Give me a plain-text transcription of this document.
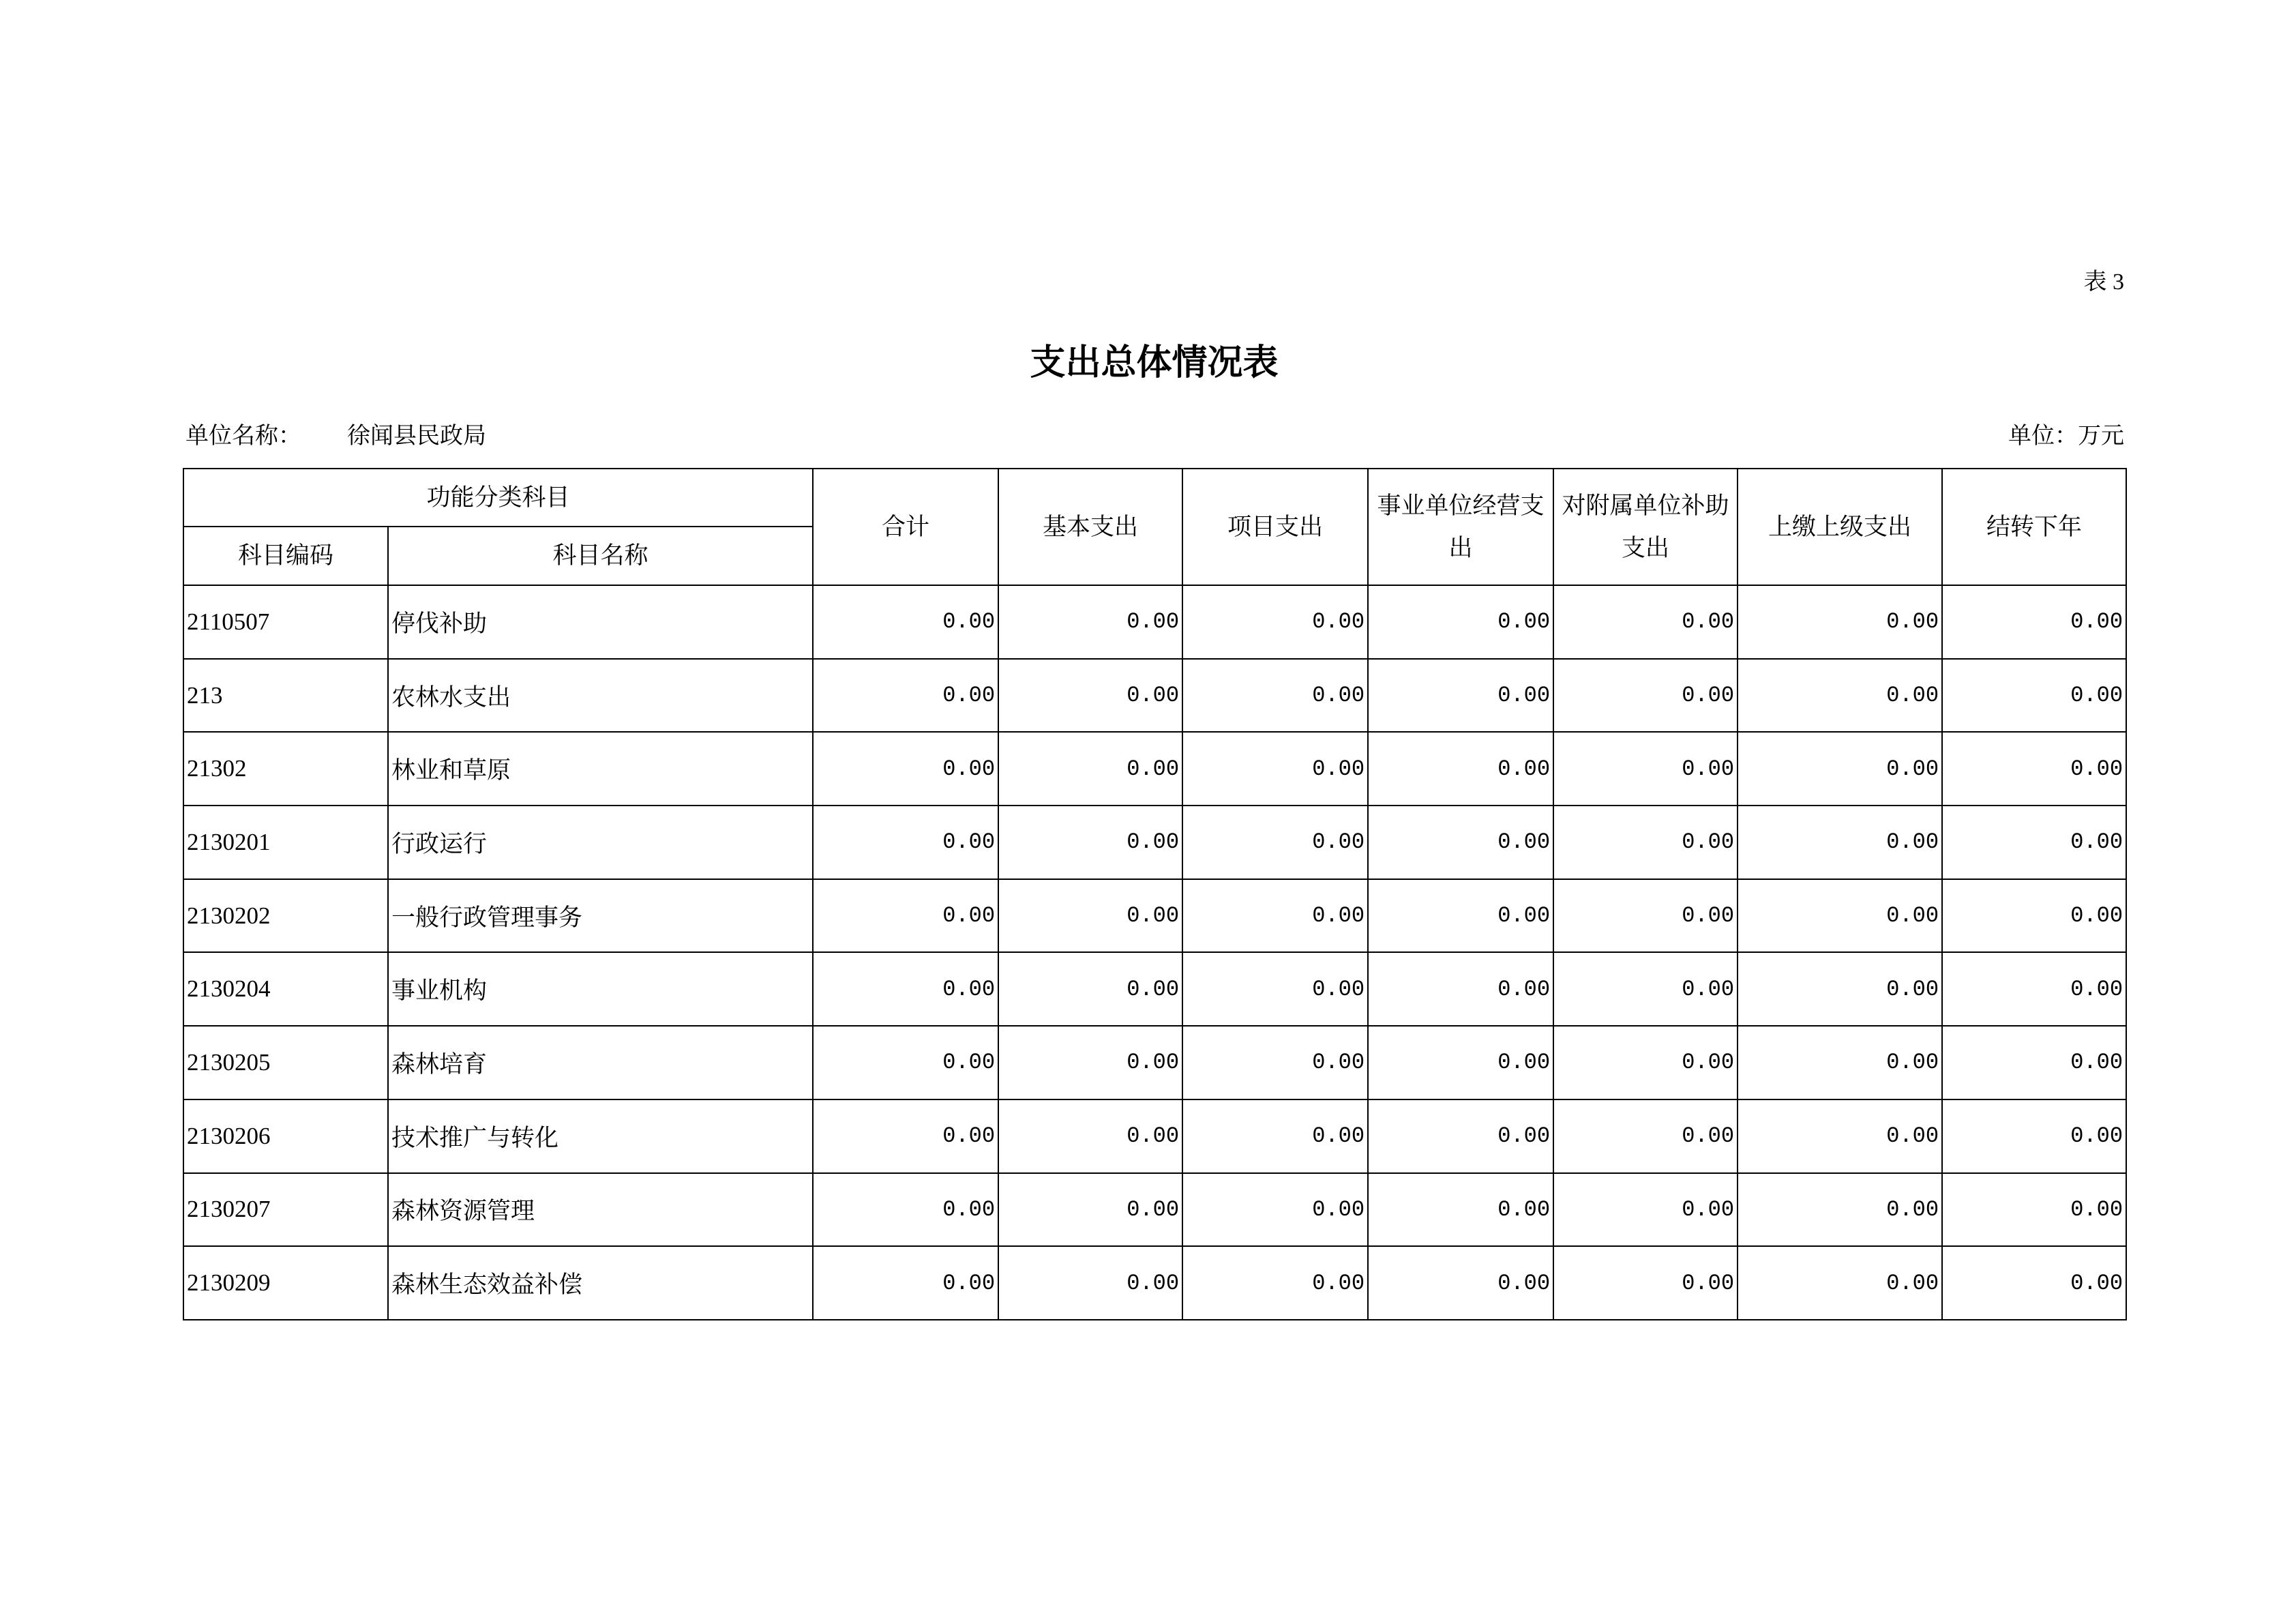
表 3
支出总体情况表
单位名称： 徐闻县民政局	单位：万元
功能分类科目		合计	基本支出	项目支出	事业单位经营支出	对附属单位补助支出	上缴上级支出	结转下年
科目编码	科目名称							
2110507	停伐补助	0.00	0.00	0.00	0.00	0.00	0.00	0.00
213	农林水支出	0.00	0.00	0.00	0.00	0.00	0.00	0.00
21302	林业和草原	0.00	0.00	0.00	0.00	0.00	0.00	0.00
2130201	行政运行	0.00	0.00	0.00	0.00	0.00	0.00	0.00
2130202	一般行政管理事务	0.00	0.00	0.00	0.00	0.00	0.00	0.00
2130204	事业机构	0.00	0.00	0.00	0.00	0.00	0.00	0.00
2130205	森林培育	0.00	0.00	0.00	0.00	0.00	0.00	0.00
2130206	技术推广与转化	0.00	0.00	0.00	0.00	0.00	0.00	0.00
2130207	森林资源管理	0.00	0.00	0.00	0.00	0.00	0.00	0.00
2130209	森林生态效益补偿	0.00	0.00	0.00	0.00	0.00	0.00	0.00
